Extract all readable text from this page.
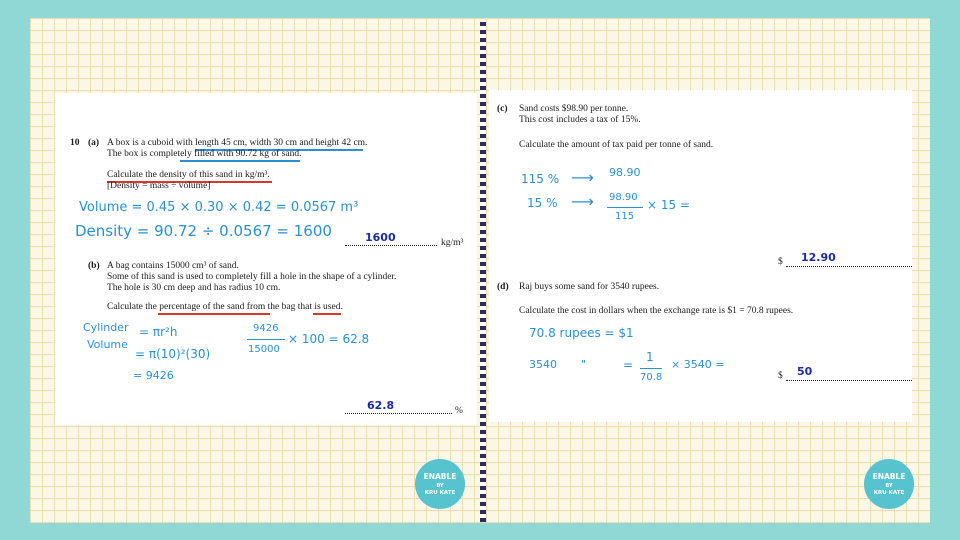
10 (a) A box is a cuboid with length 45 cm, width 30 cm and height 42 cm.
The box is completely filled with 90.72 kg of sand.
Calculate the density of this sand in kg/m³.
[Density = mass ÷ volume]
Volume = 0.45 × 0.30 × 0.42 = 0.0567 m³
Density = 90.72 ÷ 0.0567 = 1600	1600	kg/m³
(b) A bag contains 15000 cm³ of sand.
Some of this sand is used to completely fill a hole in the shape of a cylinder.
The hole is 30 cm deep and has radius 10 cm.
Calculate the percentage of the sand from the bag that is used.
Cylinder
Volume
= πr²h
= π(10)²(30)
= 9426
9426
15000
× 100 = 62.8
62.8	%
(c) Sand costs $98.90 per tonne.
This cost includes a tax of 15%.
Calculate the amount of tax paid per tonne of sand.
115 % ⟶ 98.90
15 % ⟶ 98.90
115
× 15 =
$ 12.90
(d) Raj buys some sand for 3540 rupees.
Calculate the cost in dollars when the exchange rate is $1 = 70.8 rupees.
70.8 rupees = $1
3540 "	=
1
70.8
× 3540 =
$ 50
ENABLE
BY
KRU KATE
ENABLE
BY
KRU KATE
